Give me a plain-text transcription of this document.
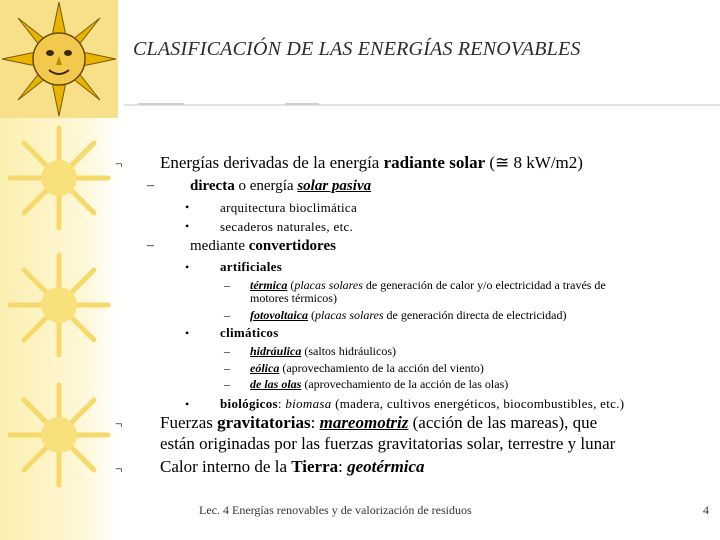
CLASIFICACIÓN DE LAS ENERGÍAS RENOVABLES
¬ Energías derivadas de la energía radiante solar (≅ 8 kW/m2)
– directa o energía solar pasiva
• arquitectura bioclimática
• secaderos naturales, etc.
– mediante convertidores
• artificiales
– térmica (placas solares de generación de calor y/o electricidad a través de
motores térmicos)
– fotovoltaica (placas solares de generación directa de electricidad)
• climáticos
– hidráulica (saltos hidráulicos)
– eólica (aprovechamiento de la acción del viento)
– de las olas (aprovechamiento de la acción de las olas)
• biológicos: biomasa (madera, cultivos energéticos, biocombustibles, etc.)
¬ Fuerzas gravitatorias: mareomotriz (acción de las mareas), que
están originadas por las fuerzas gravitatorias solar, terrestre y lunar
¬ Calor interno de la Tierra: geotérmica
Lec. 4 Energías renovables y de valorización de residuos	4
